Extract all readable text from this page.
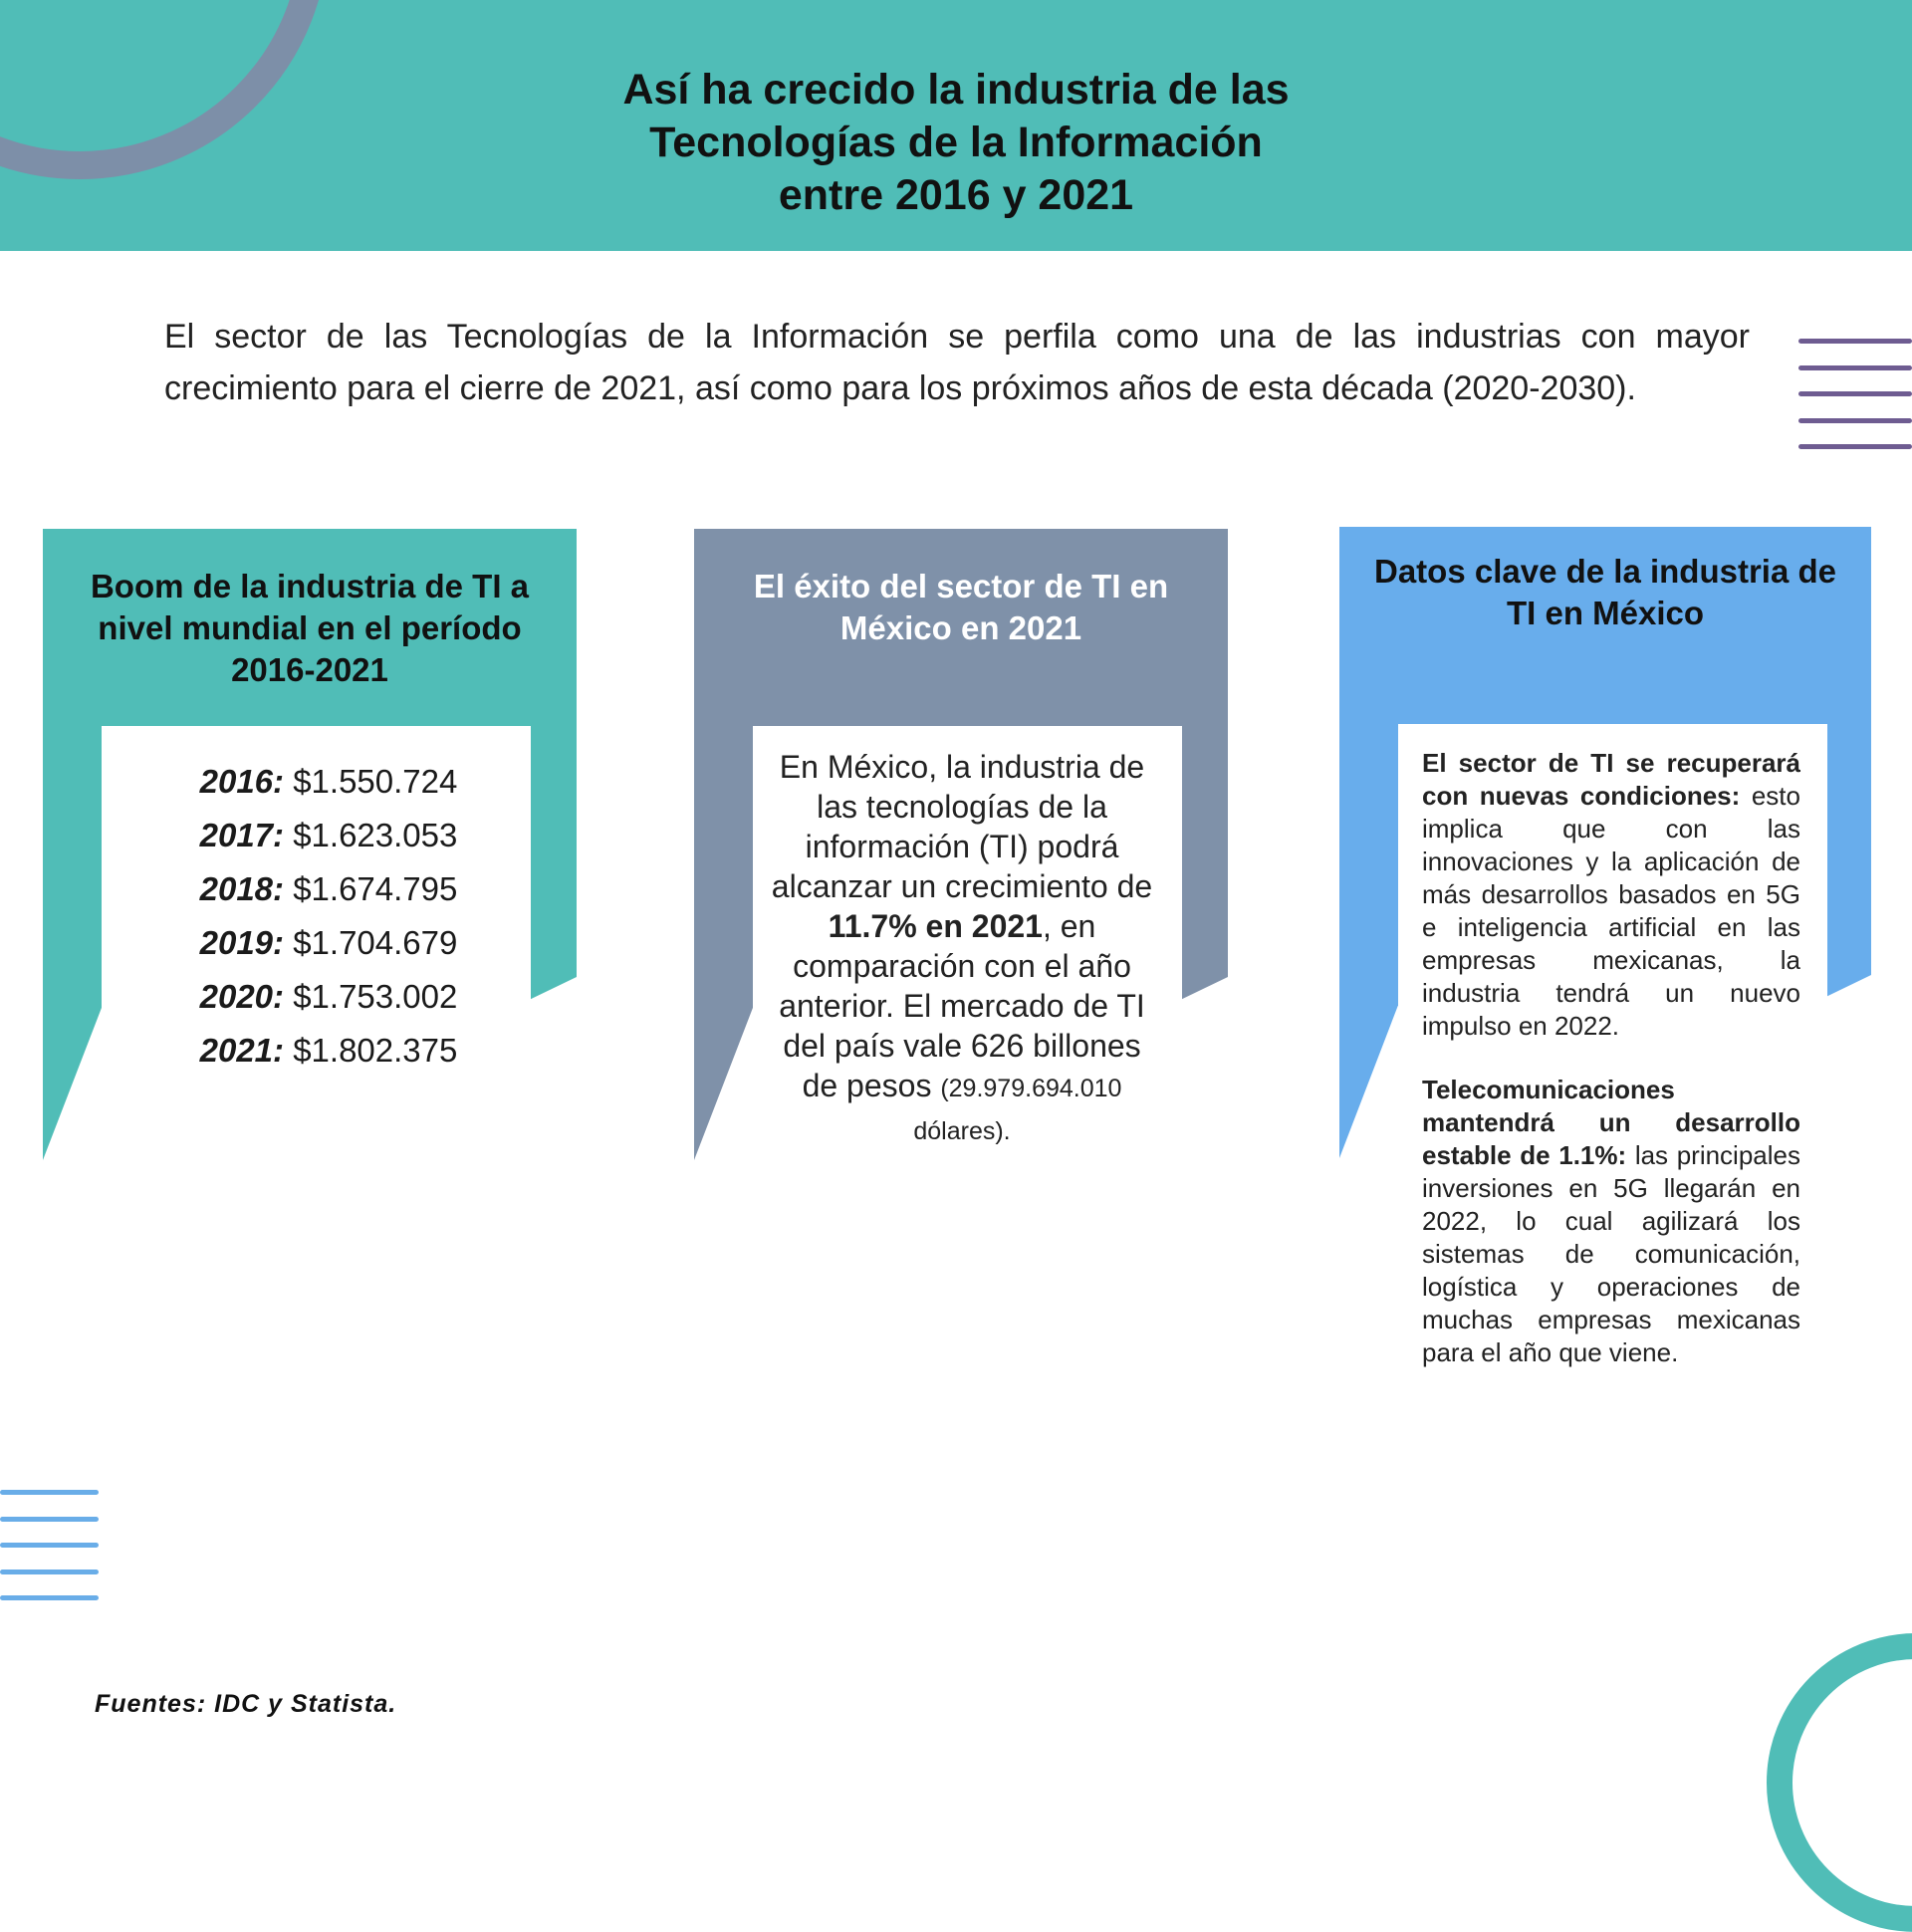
Así ha crecido la industria de las
Tecnologías de la Información
entre 2016 y 2021
El sector de las Tecnologías de la Información se perfila como una de las industrias con mayor crecimiento para el cierre de 2021, así como para los próximos años de esta década (2020-2030).
Boom de la industria de TI a nivel mundial en el período 2016-2021
El éxito del sector de TI en México en 2021
Datos clave de la industria de TI en México
2016: $1.550.724
2017: $1.623.053
2018: $1.674.795
2019: $1.704.679
2020: $1.753.002
2021: $1.802.375
En México, la industria de las tecnologías de la información (TI) podrá alcanzar un crecimiento de 11.7% en 2021, en comparación con el año anterior. El mercado de TI del país vale 626 billones de pesos (29.979.694.010 dólares).

El sector de TI se recuperará con nuevas condiciones: esto implica que con las innovaciones y la aplicación de más desarrollos basados en 5G e inteligencia artificial en las empresas mexicanas, la industria tendrá un nuevo impulso en 2022.

Telecomunicaciones mantendrá un desarrollo estable de 1.1%: las principales inversiones en 5G llegarán en 2022, lo cual agilizará los sistemas de comunicación, logística y operaciones de muchas empresas mexicanas para el año que viene.

Fuentes: IDC y Statista.
